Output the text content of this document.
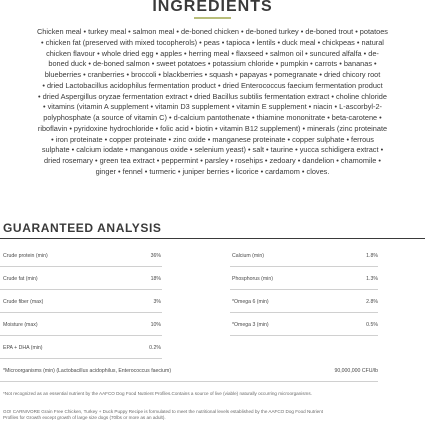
INGREDIENTS
Chicken meal • turkey meal • salmon meal • de-boned chicken • de-boned turkey • de-boned trout • potatoes
• chicken fat (preserved with mixed tocopherols) • peas • tapioca • lentils • duck meal • chickpeas • natural
chicken flavour • whole dried egg • apples • herring meal • flaxseed • salmon oil • suncured alfalfa • de-
boned duck • de-boned salmon • sweet potatoes • potassium chloride • pumpkin • carrots • bananas •
blueberries • cranberries • broccoli • blackberries • squash • papayas • pomegranate • dried chicory root
• dried Lactobacillus acidophilus fermentation product • dried Enterococcus faecium fermentation product
• dried Aspergillus oryzae fermentation extract • dried Bacillus subtilis fermentation extract • choline chloride
• vitamins (vitamin A supplement • vitamin D3 supplement • vitamin E supplement • niacin • L-ascorbyl-2-
polyphosphate (a source of vitamin C) • d-calcium pantothenate • thiamine mononitrate • beta-carotene •
riboflavin • pyridoxine hydrochloride • folic acid • biotin • vitamin B12 supplement) • minerals (zinc proteinate
• iron proteinate • copper proteinate • zinc oxide • manganese proteinate • copper sulphate • ferrous
sulphate • calcium iodate • manganous oxide • selenium yeast) • salt • taurine • yucca schidigera extract •
dried rosemary • green tea extract • peppermint • parsley • rosehips • zedoary • dandelion • chamomile •
ginger • fennel • turmeric • juniper berries • licorice • cardamom • cloves.
GUARANTEED ANALYSIS
Crude protein (min)	36%	Calcium (min)	1.8%
Crude fat (min)	18%	Phosphorus (min)	1.3%
Crude fiber (max)	3%	*Omega 6 (min)	2.8%
Moisture (max)	10%	*Omega 3 (min)	0.5%
EPA + DHA (min)	0.2%
*Microorganisms (min) (Lactobacillus acidophilus, Enterococcus faecium)	90,000,000 CFU/lb
*Not recognized as an essential nutrient by the AAFCO Dog Food Nutrient Profiles.Contains a source of live (viable) naturally occurring microorganisms.
GO! CARNIVORE Grain Free Chicken, Turkey + Duck Puppy Recipe is formulated to meet the nutritional levels established by the AAFCO Dog Food Nutrient
Profiles for Growth except growth of large size dogs (70lbs or more as an adult).
